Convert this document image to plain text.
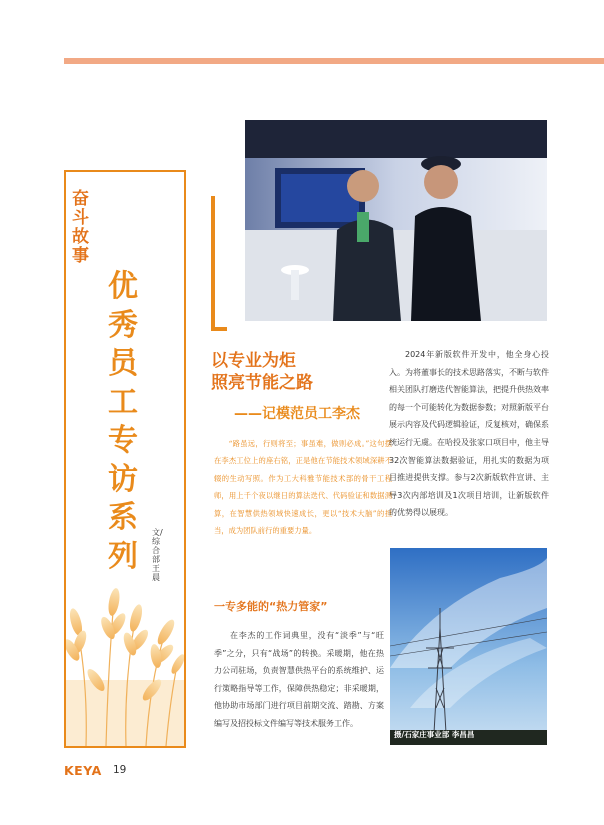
奋斗故事
优秀员工专访系列
文/综合部 王晨
以专业为炬
照亮节能之路
——记模范员工李杰
“路虽远，行则将至；事虽难，做则必成。”这句摆在李杰工位上的座右铭，正是他在节能技术领域深耕不辍的生动写照。作为工大科雅节能技术部的骨干工程师，用上千个夜以继日的算法迭代、代码验证和数据测算，在智慧供热领域快速成长，更以“技术大脑”的担当，成为团队前行的重要力量。
一专多能的“热力管家”
在李杰的工作词典里，没有“淡季”与“旺季”之分，只有“战场”的转换。采暖期，他在热力公司驻场，负责智慧供热平台的系统维护、运行策略指导等工作，保障供热稳定；非采暖期，他协助市场部门进行项目前期交流、踏勘、方案编写及招投标文件编写等技术服务工作。
2024年新版软件开发中，他全身心投入。为将董事长的技术思路落实，不断与软件相关团队打磨迭代智能算法，把提升供热效率的每一个可能转化为数据参数；对照新版平台展示内容及代码逻辑验证，反复核对，确保系统运行无虞。在哈投及张家口项目中，他主导32次智能算法数据验证，用扎实的数据为项目推进提供支撑。参与2次新版软件宣讲、主导3次内部培训及1次项目培训，让新版软件的优势得以展现。
摄/石家庄事业部 李昌昌
KEYA 19
